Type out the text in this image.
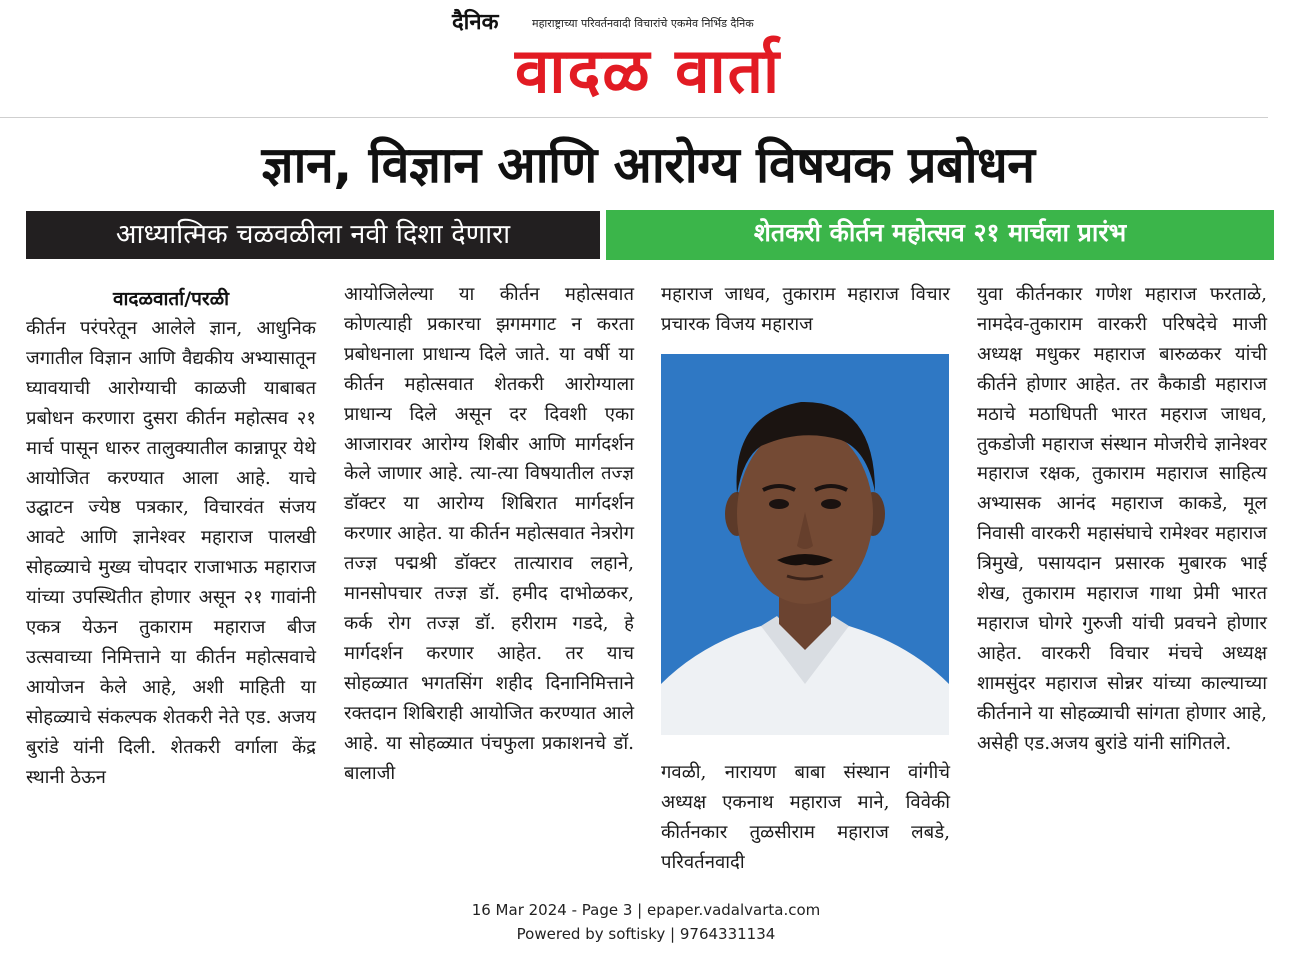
दैनिक	महाराष्ट्राच्या परिवर्तनवादी विचारांचे एकमेव निर्भिड दैनिक
वादळ वार्ता
ज्ञान, विज्ञान आणि आरोग्य विषयक प्रबोधन
आध्यात्मिक चळवळीला नवी दिशा देणारा	शेतकरी कीर्तन महोत्सव २१ मार्चला प्रारंभ
वादळवार्ता/परळी

कीर्तन परंपरेतून आलेले ज्ञान, आधुनिक जगातील विज्ञान आणि वैद्यकीय अभ्यासातून घ्यावयाची आरोग्याची काळजी याबाबत प्रबोधन करणारा दुसरा कीर्तन महोत्सव २१ मार्च पासून धारुर तालुक्यातील कान्नापूर येथे आयोजित करण्यात आला आहे. याचे उद्घाटन ज्येष्ठ पत्रकार, विचारवंत संजय आवटे आणि ज्ञानेश्वर महाराज पालखी सोहळ्याचे मुख्य चोपदार राजाभाऊ महाराज यांच्या उपस्थितीत होणार असून २१ गावांनी एकत्र येऊन तुकाराम महाराज बीज उत्सवाच्या निमित्ताने या कीर्तन महोत्सवाचे आयोजन केले आहे, अशी माहिती या सोहळ्याचे संकल्पक शेतकरी नेते एड. अजय बुरांडे यांनी दिली. शेतकरी वर्गाला केंद्र स्थानी ठेऊन

आयोजिलेल्या या कीर्तन महोत्सवात कोणत्याही प्रकारचा झगमगाट न करता प्रबोधनाला प्राधान्य दिले जाते. या वर्षी या कीर्तन महोत्सवात शेतकरी आरोग्याला प्राधान्य दिले असून दर दिवशी एका आजारावर आरोग्य शिबीर आणि मार्गदर्शन केले जाणार आहे. त्या-त्या विषयातील तज्ज्ञ डॉक्टर या आरोग्य शिबिरात मार्गदर्शन करणार आहेत. या कीर्तन महोत्सवात नेत्ररोग तज्ज्ञ पद्मश्री डॉक्टर तात्याराव लहाने, मानसोपचार तज्ज्ञ डॉ. हमीद दाभोळकर, कर्क रोग तज्ज्ञ डॉ. हरीराम गडदे, हे मार्गदर्शन करणार आहेत. तर याच सोहळ्यात भगतसिंग शहीद दिनानिमित्ताने रक्तदान शिबिराही आयोजित करण्यात आले आहे. या सोहळ्यात पंचफुला प्रकाशनचे डॉ. बालाजी

महाराज जाधव, तुकाराम महाराज विचार प्रचारक विजय महाराज

गवळी, नारायण बाबा संस्थान वांगीचे अध्यक्ष एकनाथ महाराज माने, विवेकी कीर्तनकार तुळसीराम महाराज लबडे, परिवर्तनवादी

युवा कीर्तनकार गणेश महाराज फरताळे, नामदेव-तुकाराम वारकरी परिषदेचे माजी अध्यक्ष मधुकर महाराज बारुळकर यांची कीर्तने होणार आहेत. तर कैकाडी महाराज मठाचे मठाधिपती भारत महराज जाधव, तुकडोजी महाराज संस्थान मोजरीचे ज्ञानेश्वर महाराज रक्षक, तुकाराम महाराज साहित्य अभ्यासक आनंद महाराज काकडे, मूल निवासी वारकरी महासंघाचे रामेश्वर महाराज त्रिमुखे, पसायदान प्रसारक मुबारक भाई शेख, तुकाराम महाराज गाथा प्रेमी भारत महाराज घोगरे गुरुजी यांची प्रवचने होणार आहेत. वारकरी विचार मंचचे अध्यक्ष शामसुंदर महाराज सोन्नर यांच्या काल्याच्या कीर्तनाने या सोहळ्याची सांगता होणार आहे, असेही एड.अजय बुरांडे यांनी सांगितले.

16 Mar 2024 - Page 3 | epaper.vadalvarta.com
Powered by softisky | 9764331134
